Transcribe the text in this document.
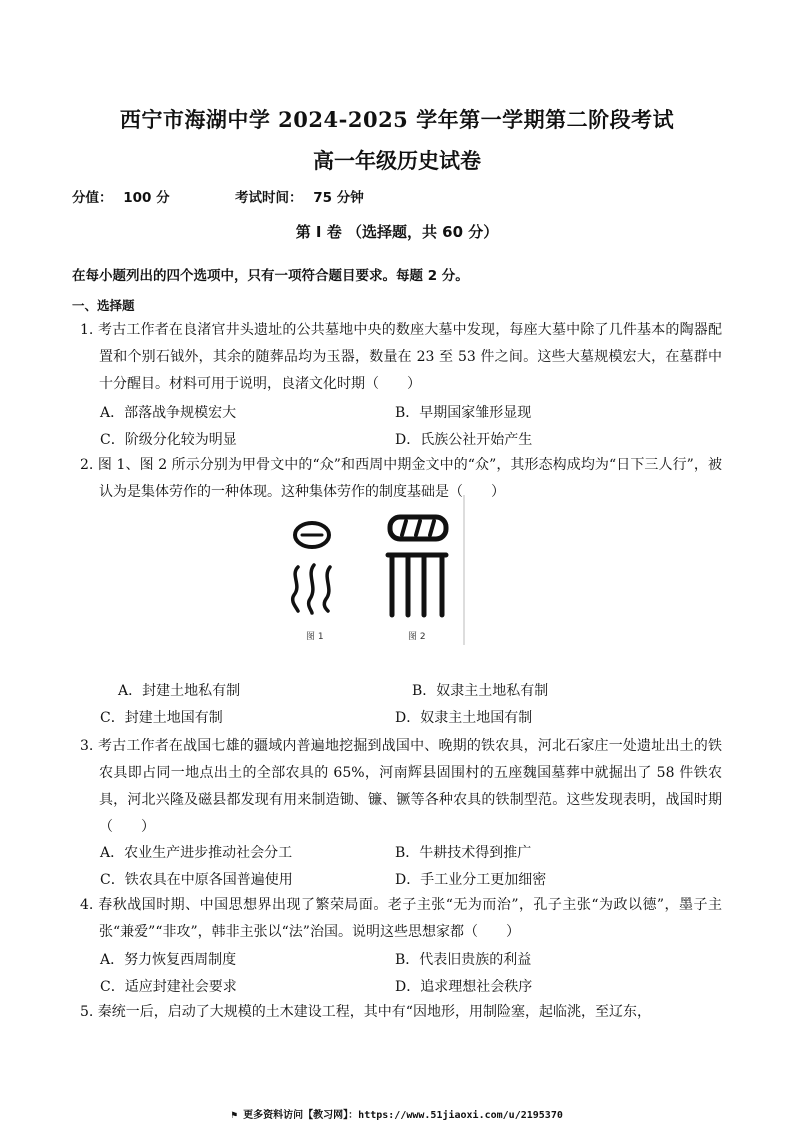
西宁市海湖中学 2024-2025 学年第一学期第二阶段考试
高一年级历史试卷
分值： 100 分	考试时间： 75 分钟
第 Ⅰ 卷 （选择题，共 60 分）
在每小题列出的四个选项中，只有一项符合题目要求。每题 2 分。
一、选择题
1. 考古工作者在良渚官井头遗址的公共墓地中央的数座大墓中发现，每座大墓中除了几件基本的陶器配置和个别石钺外，其余的随葬品均为玉器，数量在 23 至 53 件之间。这些大墓规模宏大，在墓群中十分醒目。材料可用于说明，良渚文化时期（　　）
A．部落战争规模宏大	B．早期国家雏形显现
C．阶级分化较为明显	D．氏族公社开始产生
2. 图 1、图 2 所示分别为甲骨文中的“众”和西周中期金文中的“众”，其形态构成均为“日下三人行”，被认为是集体劳作的一种体现。这种集体劳作的制度基础是（　　）
图 1	图 2
A．封建土地私有制	B．奴隶主土地私有制
C．封建土地国有制	D．奴隶主土地国有制
3. 考古工作者在战国七雄的疆域内普遍地挖掘到战国中、晚期的铁农具，河北石家庄一处遗址出土的铁农具即占同一地点出土的全部农具的 65%，河南辉县固围村的五座魏国墓葬中就掘出了 58 件铁农具，河北兴隆及磁县都发现有用来制造锄、镰、镢等各种农具的铁制型范。这些发现表明，战国时期（　　）
A．农业生产进步推动社会分工	B．牛耕技术得到推广
C．铁农具在中原各国普遍使用	D．手工业分工更加细密
4. 春秋战国时期、中国思想界出现了繁荣局面。老子主张“无为而治”，孔子主张“为政以德”，墨子主张“兼爱”“非攻”，韩非主张以“法”治国。说明这些思想家都（　　）
A．努力恢复西周制度	B．代表旧贵族的利益
C．适应封建社会要求	D．追求理想社会秩序
5. 秦统一后，启动了大规模的土木建设工程，其中有“因地形，用制险塞，起临洮，至辽东，
⚑ 更多资料访问【教习网】：https://www.51jiaoxi.com/u/2195370
